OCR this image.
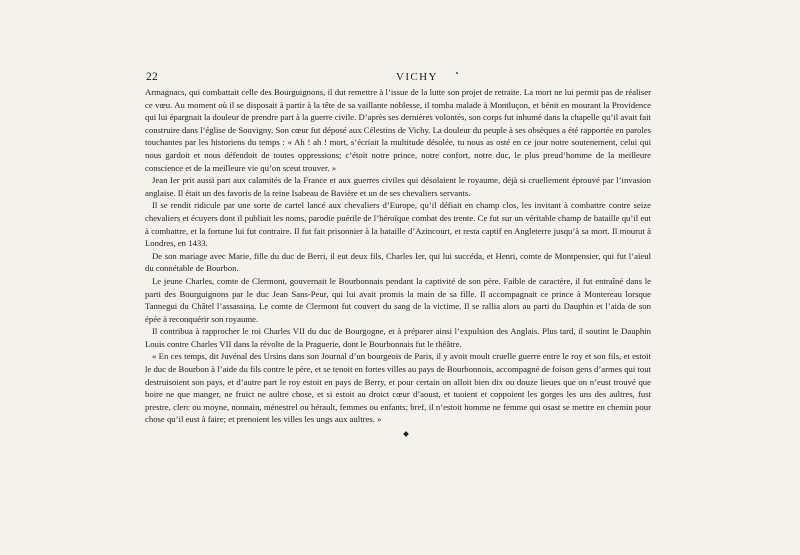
22	VICHY

Armagnacs, qui combattait celle des Bourguignons, il dut remettre à l’issue de la lutte son projet de retraite. La mort ne lui permit pas de réaliser ce vœu. Au moment où il se disposait à partir à la tête de sa vaillante noblesse, il tomba malade à Montluçon, et bénit en mourant la Providence qui lui épargnait la douleur de prendre part à la guerre civile. D’après ses dernières volontés, son corps fut inhumé dans la chapelle qu’il avait fait construire dans l’église de Souvigny. Son cœur fut déposé aux Célestins de Vichy. La douleur du peuple à ses obsèques a été rapportée en paroles touchantes par les historiens du temps : « Ah ! ah ! mort, s’écriait la multitude désolée, tu nous as osté en ce jour notre soutenement, celui qui nous gardoit et nous défendoit de toutes oppressions; c’étoit notre prince, notre confort, notre duc, le plus preud’homme de la meilleure conscience et de la meilleure vie qu’on sceut trouver. »

Jean Ier prit aussi part aux calamités de la France et aux guerres civiles qui désolaient le royaume, déjà si cruellement éprouvé par l’invasion anglaise. Il était un des favoris de la reine Isabeau de Bavière et un de ses chevaliers servants.

Il se rendit ridicule par une sorte de cartel lancé aux chevaliers d’Europe, qu’il défiait en champ clos, les invitant à combattre contre seize chevaliers et écuyers dont il publiait les noms, parodie puérile de l’héroïque combat des trente. Ce fut sur un véritable champ de bataille qu’il eut à combattre, et la fortune lui fut contraire. Il fut fait prisonnier à la bataille d’Azincourt, et resta captif en Angleterre jusqu’à sa mort. Il mourut à Londres, en 1433.

De son mariage avec Marie, fille du duc de Berri, il eut deux fils, Charles Ier, qui lui succéda, et Henri, comte de Montpensier, qui fut l’aïeul du connétable de Bourbon.

Le jeune Charles, comte de Clermont, gouvernait le Bourbonnais pendant la captivité de son père. Faible de caractère, il fut entraîné dans le parti des Bourguignons par le duc Jean Sans-Peur, qui lui avait promis la main de sa fille. Il accompagnait ce prince à Montereau lorsque Tannegui du Châtel l’assassina. Le comte de Clermont fut couvert du sang de la victime. Il se rallia alors au parti du Dauphin et l’aida de son épée à reconquérir son royaume.

Il contribua à rapprocher le roi Charles VII du duc de Bourgogne, et à préparer ainsi l’expulsion des Anglais. Plus tard, il soutint le Dauphin Louis contre Charles VII dans la révolte de la Praguerie, dont le Bourbonnais fut le théâtre.

« En ces temps, dit Juvénal des Ursins dans son Journal d’un bourgeois de Paris, il y avoit moult cruelle guerre entre le roy et son fils, et estoit le duc de Bourbon à l’aide du fils contre le père, et se tenoit en fortes villes au pays de Bourbonnois, accompagné de foison gens d’armes qui tout destruisoient son pays, et d’autre part le roy estoit en pays de Berry, et pour certain on alloit bien dix ou douze lieues que on n’eust trouvé que boire ne que manger, ne fruict ne aultre chose, et si estoit au droict cœur d’aoust, et tuoient et coppoient les gorges les uns des aultres, fust prestre, clerc ou moyne, nonnain, ménestrel ou hérault, femmes ou enfants; bref, il n’estoit homme ne femme qui osast se mettre en chemin pour chose qu’il eust à faire; et prenoient les villes les ungs aux aultres. »
